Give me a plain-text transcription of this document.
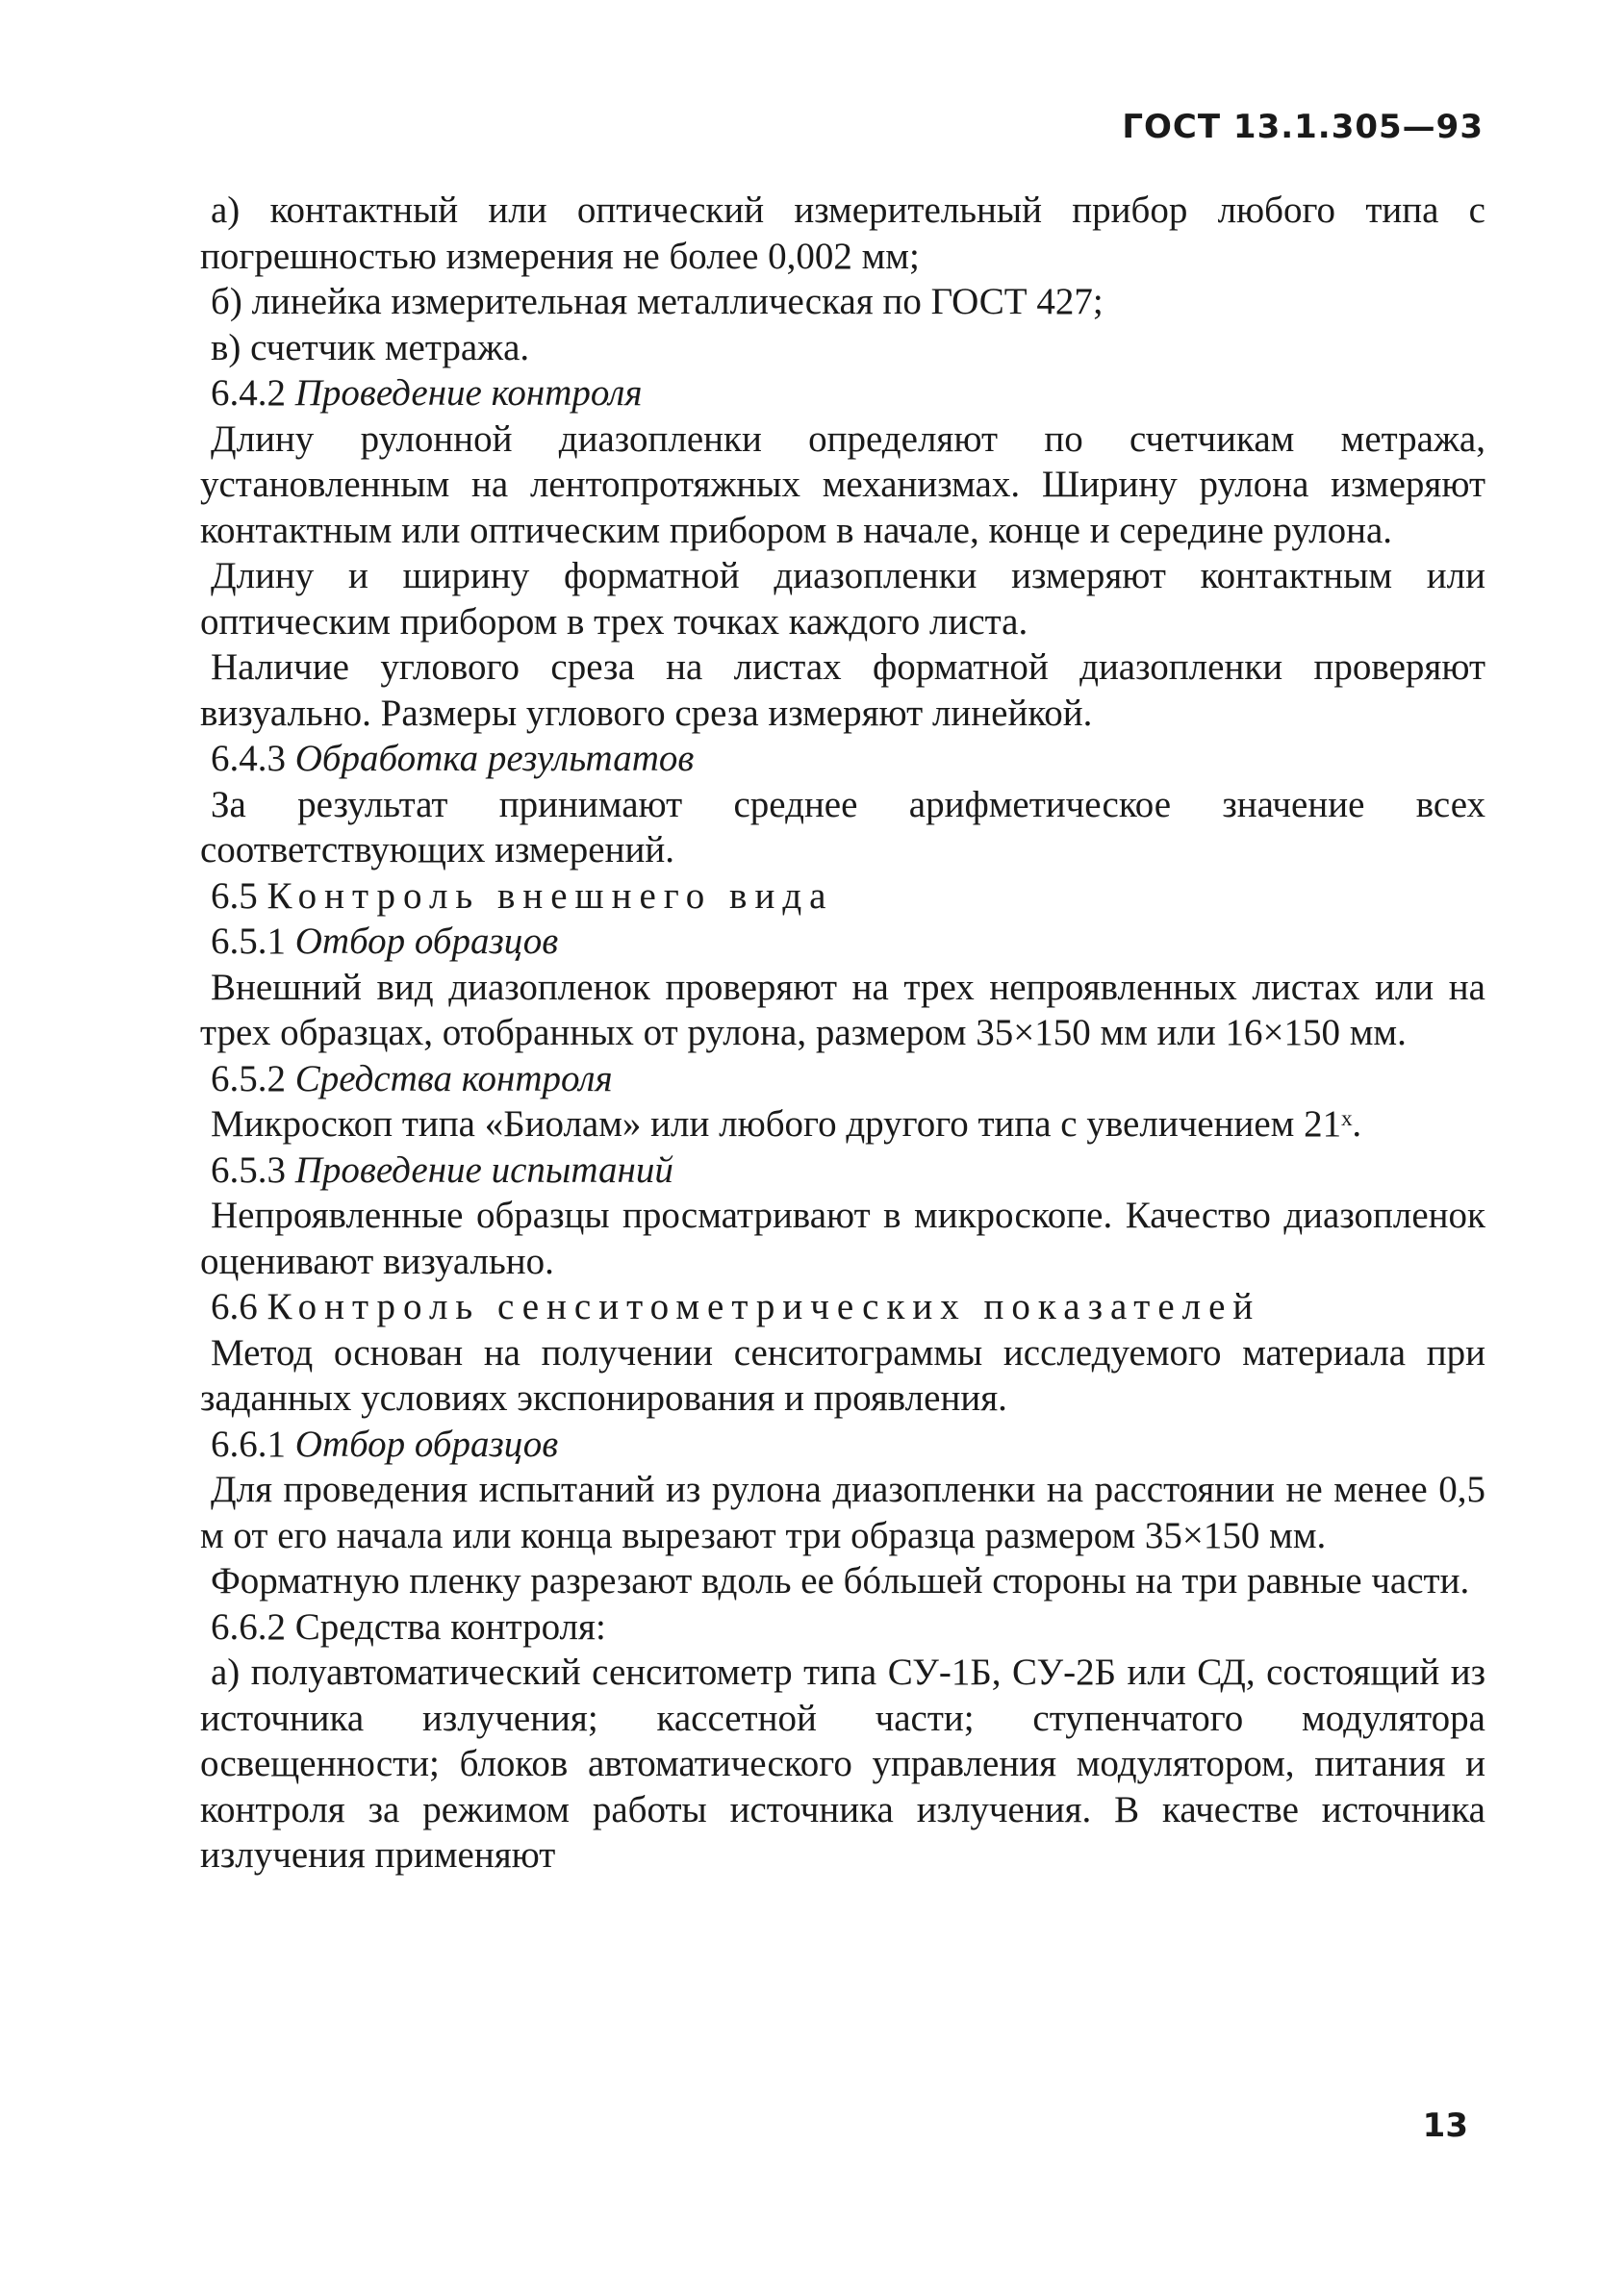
ГОСТ 13.1.305—93

а) контактный или оптический измерительный прибор любого типа с погрешностью измерения не более 0,002 мм;

б) линейка измерительная металлическая по ГОСТ 427;

в) счетчик метража.

6.4.2 Проведение контроля

Длину рулонной диазопленки определяют по счетчикам метража, установленным на лентопротяжных механизмах. Ширину рулона измеряют контактным или оптическим прибором в начале, конце и середине рулона.

Длину и ширину форматной диазопленки измеряют контактным или оптическим прибором в трех точках каждого листа.

Наличие углового среза на листах форматной диазопленки проверяют визуально. Размеры углового среза измеряют линейкой.

6.4.3 Обработка результатов

За результат принимают среднее арифметическое значение всех соответствующих измерений.

6.5 Контроль внешнего вида

6.5.1 Отбор образцов

Внешний вид диазопленок проверяют на трех непроявленных листах или на трех образцах, отобранных от рулона, размером 35×150 мм или 16×150 мм.

6.5.2 Средства контроля

Микроскоп типа «Биолам» или любого другого типа с увеличением 21ˣ.

6.5.3 Проведение испытаний

Непроявленные образцы просматривают в микроскопе. Качество диазопленок оценивают визуально.

6.6 Контроль сенситометрических показателей

Метод основан на получении сенситограммы исследуемого материала при заданных условиях экспонирования и проявления.

6.6.1 Отбор образцов

Для проведения испытаний из рулона диазопленки на расстоянии не менее 0,5 м от его начала или конца вырезают три образца размером 35×150 мм.

Форматную пленку разрезают вдоль ее бóльшей стороны на три равные части.

6.6.2 Средства контроля:

а) полуавтоматический сенситометр типа СУ-1Б, СУ-2Б или СД, состоящий из источника излучения; кассетной части; ступенчатого модулятора освещенности; блоков автоматического управления модулятором, питания и контроля за режимом работы источника излучения. В качестве источника излучения применяют

13
